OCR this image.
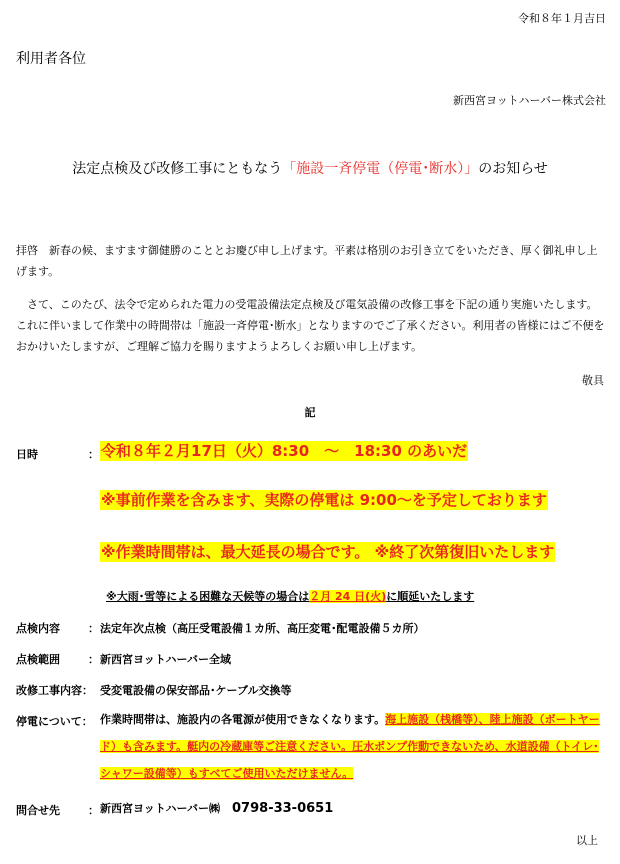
令和８年１月吉日
利用者各位
新西宮ヨットハーバー株式会社
法定点検及び改修工事にともなう「施設一斉停電（停電･断水）」のお知らせ
拝啓　新春の候、ますます御健勝のこととお慶び申し上げます。平素は格別のお引き立てをいただき、厚く御礼申し上げます。
　さて、このたび、法令で定められた電力の受電設備法定点検及び電気設備の改修工事を下記の通り実施いたします。これに伴いまして作業中の時間帯は「施設一斉停電･断水」となりますのでご了承ください。利用者の皆様にはご不便をおかけいたしますが、ご理解ご協力を賜りますようよろしくお願い申し上げます。
敬具
記
日時	： 令和８年２月17日（火）8:30　～　18:30 のあいだ
※事前作業を含みます、実際の停電は 9:00～を予定しております
※作業時間帯は、最大延長の場合です。 ※終了次第復旧いたします
※大雨･雪等による困難な天候等の場合は２月 24 日(火)に順延いたします
点検内容	： 法定年次点検（高圧受電設備１カ所、高圧変電･配電設備５カ所）
点検範囲	： 新西宮ヨットハーバー全域
改修工事内容： 受変電設備の保安部品･ケーブル交換等
停電について： 作業時間帯は、施設内の各電源が使用できなくなります。海上施設（桟橋等）、陸上施設（ボートヤード）も含みます。艇内の冷蔵庫等ご注意ください。圧水ポンプ作動できないため、水道設備（トイレ･シャワー設備等）もすべてご使用いただけません。
問合せ先	： 新西宮ヨットハーバー㈱ 0798-33-0651
以上
